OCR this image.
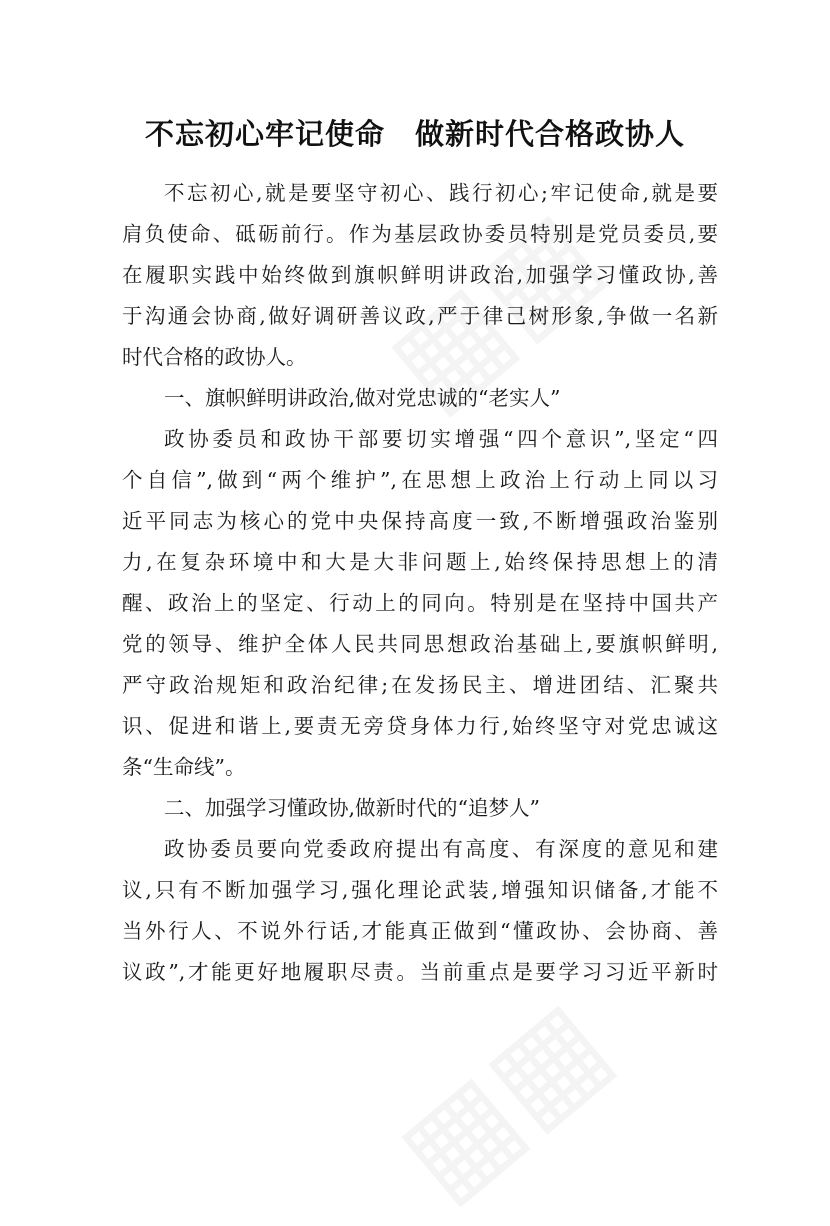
不忘初心牢记使命　做新时代合格政协人
不忘初心,就是要坚守初心、践行初心;牢记使命,就是要
肩负使命、砥砺前行。作为基层政协委员特别是党员委员,要
在履职实践中始终做到旗帜鲜明讲政治,加强学习懂政协,善
于沟通会协商,做好调研善议政,严于律己树形象,争做一名新
时代合格的政协人。
一、旗帜鲜明讲政治,做对党忠诚的“老实人”
政协委员和政协干部要切实增强“四个意识”,坚定“四
个自信”,做到“两个维护”,在思想上政治上行动上同以习
近平同志为核心的党中央保持高度一致,不断增强政治鉴别
力,在复杂环境中和大是大非问题上,始终保持思想上的清
醒、政治上的坚定、行动上的同向。特别是在坚持中国共产
党的领导、维护全体人民共同思想政治基础上,要旗帜鲜明,
严守政治规矩和政治纪律;在发扬民主、增进团结、汇聚共
识、促进和谐上,要责无旁贷身体力行,始终坚守对党忠诚这
条“生命线”。
二、加强学习懂政协,做新时代的“追梦人”
政协委员要向党委政府提出有高度、有深度的意见和建
议,只有不断加强学习,强化理论武装,增强知识储备,才能不
当外行人、不说外行话,才能真正做到“懂政协、会协商、善
议政”,才能更好地履职尽责。当前重点是要学习习近平新时
